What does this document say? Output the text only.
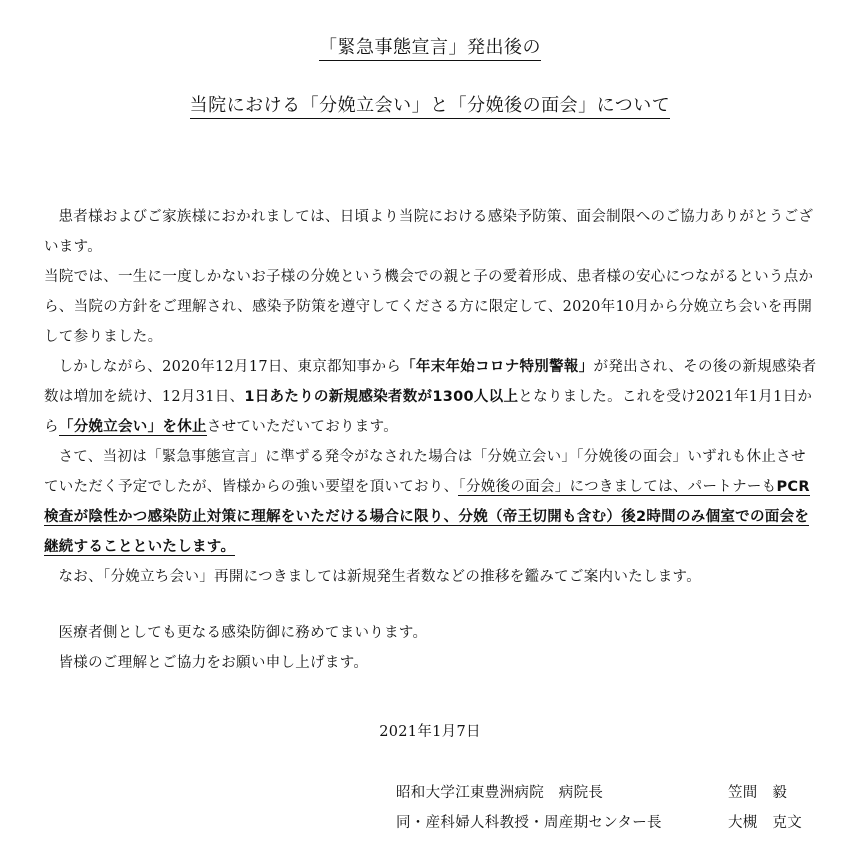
「緊急事態宣言」発出後の
当院における「分娩立会い」と「分娩後の面会」について

患者様およびご家族様におかれましては、日頃より当院における感染予防策、面会制限へのご協力ありがとうございます。

当院では、一生に一度しかないお子様の分娩という機会での親と子の愛着形成、患者様の安心につながるという点から、当院の方針をご理解され、感染予防策を遵守してくださる方に限定して、2020年10月から分娩立ち会いを再開して参りました。

しかしながら、2020年12月17日、東京都知事から「年末年始コロナ特別警報」が発出され、その後の新規感染者数は増加を続け、12月31日、1日あたりの新規感染者数が1300人以上となりました。これを受け2021年1月1日から「分娩立会い」を休止させていただいております。

さて、当初は「緊急事態宣言」に準ずる発令がなされた場合は「分娩立会い」「分娩後の面会」いずれも休止させていただく予定でしたが、皆様からの強い要望を頂いており、「分娩後の面会」につきましては、パートナーもPCR検査が陰性かつ感染防止対策に理解をいただける場合に限り、分娩（帝王切開も含む）後2時間のみ個室での面会を継続することといたします。

なお、「分娩立ち会い」再開につきましては新規発生者数などの推移を鑑みてご案内いたします。

医療者側としても更なる感染防御に務めてまいります。

皆様のご理解とご協力をお願い申し上げます。

2021年1月7日
昭和大学江東豊洲病院　病院長	笠間　毅
同・産科婦人科教授・周産期センター長	大槻　克文
